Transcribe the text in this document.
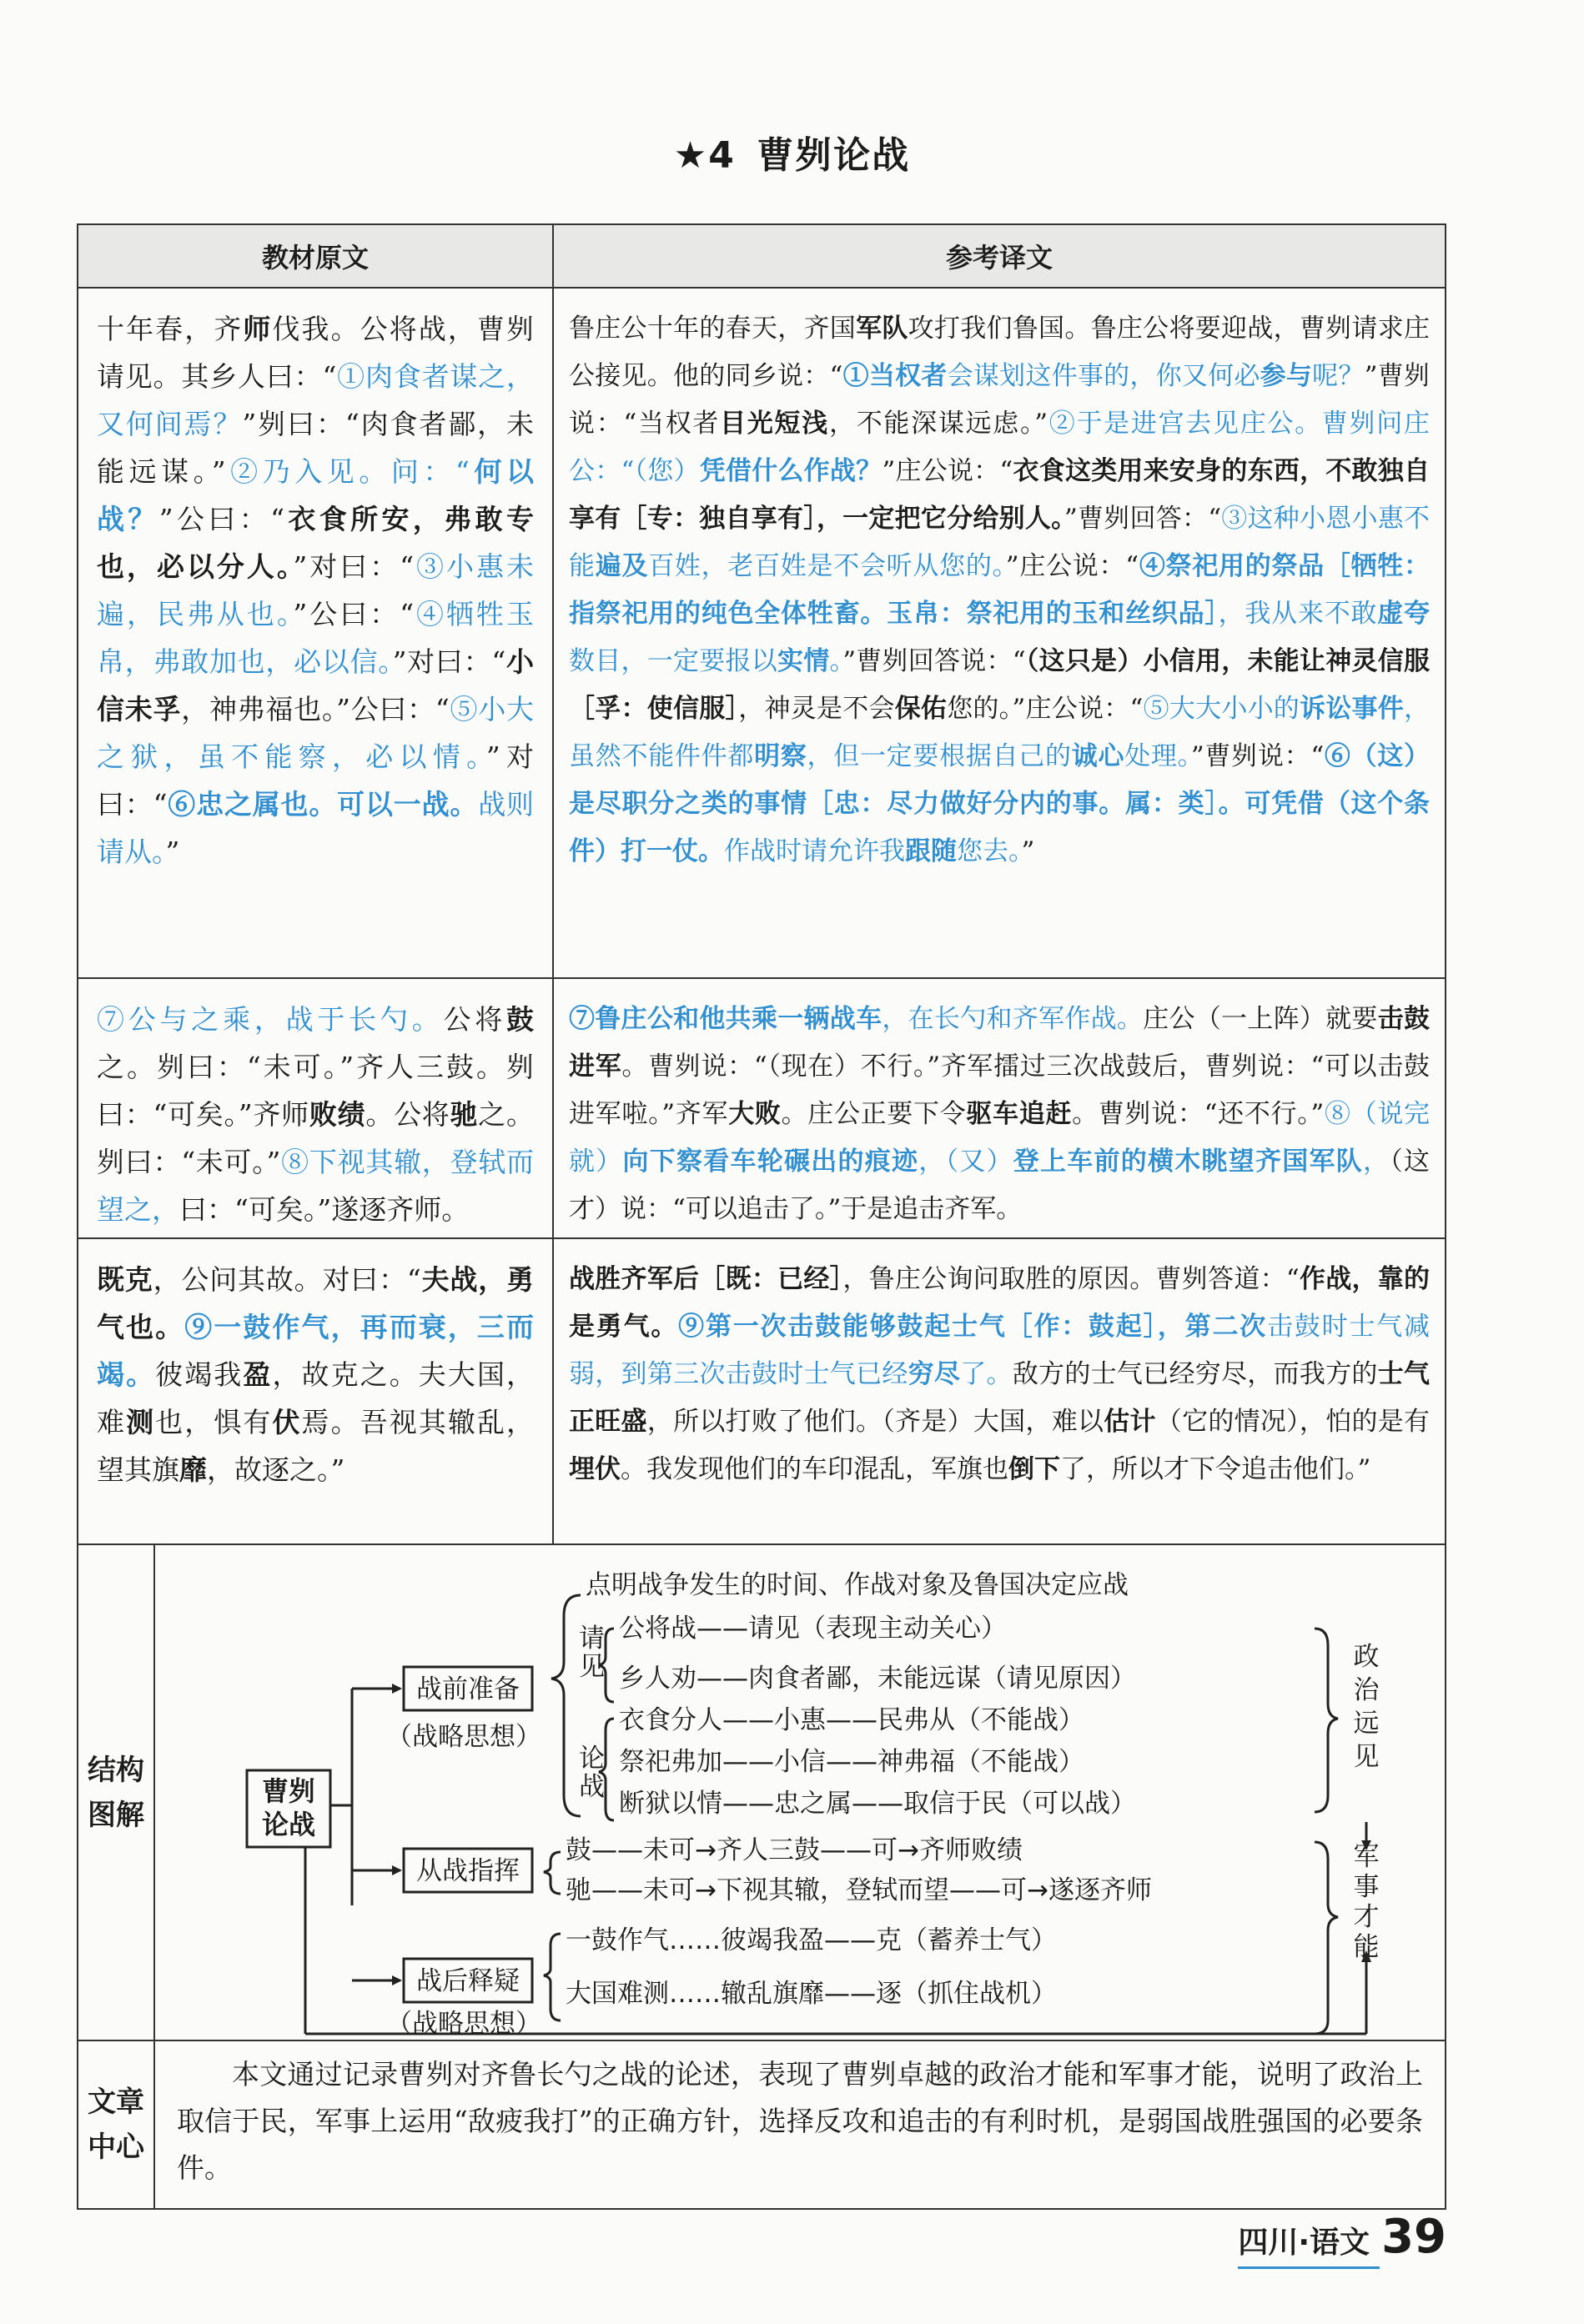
★4 曹刿论战
教材原文	参考译文
十年春，齐师伐我。公将战，曹刿请见。其乡人曰：“①肉食者谋之，又何间焉？”刿曰：“肉食者鄙，未能远谋。”②乃入见。问：“何以战？”公曰：“衣食所安，弗敢专也，必以分人。”对曰：“③小惠未遍，民弗从也。”公曰：“④牺牲玉帛，弗敢加也，必以信。”对曰：“小信未孚，神弗福也。”公曰：“⑤小大之狱，虽不能察，必以情。”对曰：“⑥忠之属也。可以一战。战则请从。”
鲁庄公十年的春天，齐国军队攻打我们鲁国。鲁庄公将要迎战，曹刿请求庄公接见。他的同乡说：“①当权者会谋划这件事的，你又何必参与呢？”曹刿说：“当权者目光短浅，不能深谋远虑。”②于是进宫去见庄公。曹刿问庄公：“（您）凭借什么作战？”庄公说：“衣食这类用来安身的东西，不敢独自享有［专：独自享有］，一定把它分给别人。”曹刿回答：“③这种小恩小惠不能遍及百姓，老百姓是不会听从您的。”庄公说：“④祭祀用的祭品［牺牲：指祭祀用的纯色全体牲畜。玉帛：祭祀用的玉和丝织品］，我从来不敢虚夸数目，一定要报以实情。”曹刿回答说：“（这只是）小信用，未能让神灵信服［孚：使信服］，神灵是不会保佑您的。”庄公说：“⑤大大小小的诉讼事件，虽然不能件件都明察，但一定要根据自己的诚心处理。”曹刿说：“⑥（这）是尽职分之类的事情［忠：尽力做好分内的事。属：类］。可凭借（这个条件）打一仗。作战时请允许我跟随您去。”
⑦公与之乘，战于长勺。公将鼓之。刿曰：“未可。”齐人三鼓。刿曰：“可矣。”齐师败绩。公将驰之。刿曰：“未可。”⑧下视其辙，登轼而望之，曰：“可矣。”遂逐齐师。
⑦鲁庄公和他共乘一辆战车，在长勺和齐军作战。庄公（一上阵）就要击鼓进军。曹刿说：“（现在）不行。”齐军擂过三次战鼓后，曹刿说：“可以击鼓进军啦。”齐军大败。庄公正要下令驱车追赶。曹刿说：“还不行。”⑧（说完就）向下察看车轮碾出的痕迹，（又）登上车前的横木眺望齐国军队，（这才）说：“可以追击了。”于是追击齐军。
既克，公问其故。对曰：“夫战，勇气也。⑨一鼓作气，再而衰，三而竭。彼竭我盈，故克之。夫大国，难测也，惧有伏焉。吾视其辙乱，望其旗靡，故逐之。”
战胜齐军后［既：已经］，鲁庄公询问取胜的原因。曹刿答道：“作战，靠的是勇气。⑨第一次击鼓能够鼓起士气［作：鼓起］，第二次击鼓时士气减弱，到第三次击鼓时士气已经穷尽了。敌方的士气已经穷尽，而我方的士气正旺盛，所以打败了他们。（齐是）大国，难以估计（它的情况），怕的是有埋伏。我发现他们的车印混乱，军旗也倒下了，所以才下令追击他们。”
结构图解
曹刿
论战
战前准备
（战略思想）
从战指挥
战后释疑
（战略思想）
点明战争发生的时间、作战对象及鲁国决定应战
请
见
公将战——请见（表现主动关心）
乡人劝——肉食者鄙，未能远谋（请见原因）
论
战
衣食分人——小惠——民弗从（不能战）
祭祀弗加——小信——神弗福（不能战）
断狱以情——忠之属——取信于民（可以战）
鼓——未可→齐人三鼓——可→齐师败绩
驰——未可→下视其辙，登轼而望——可→遂逐齐师
一鼓作气……彼竭我盈——克（蓄养士气）
大国难测……辙乱旗靡——逐（抓住战机）
政
治
远
见
军
事
才
能
文章中心
本文通过记录曹刿对齐鲁长勺之战的论述，表现了曹刿卓越的政治才能和军事才能，说明了政治上取信于民，军事上运用“敌疲我打”的正确方针，选择反攻和追击的有利时机，是弱国战胜强国的必要条件。
四川·语文 39
